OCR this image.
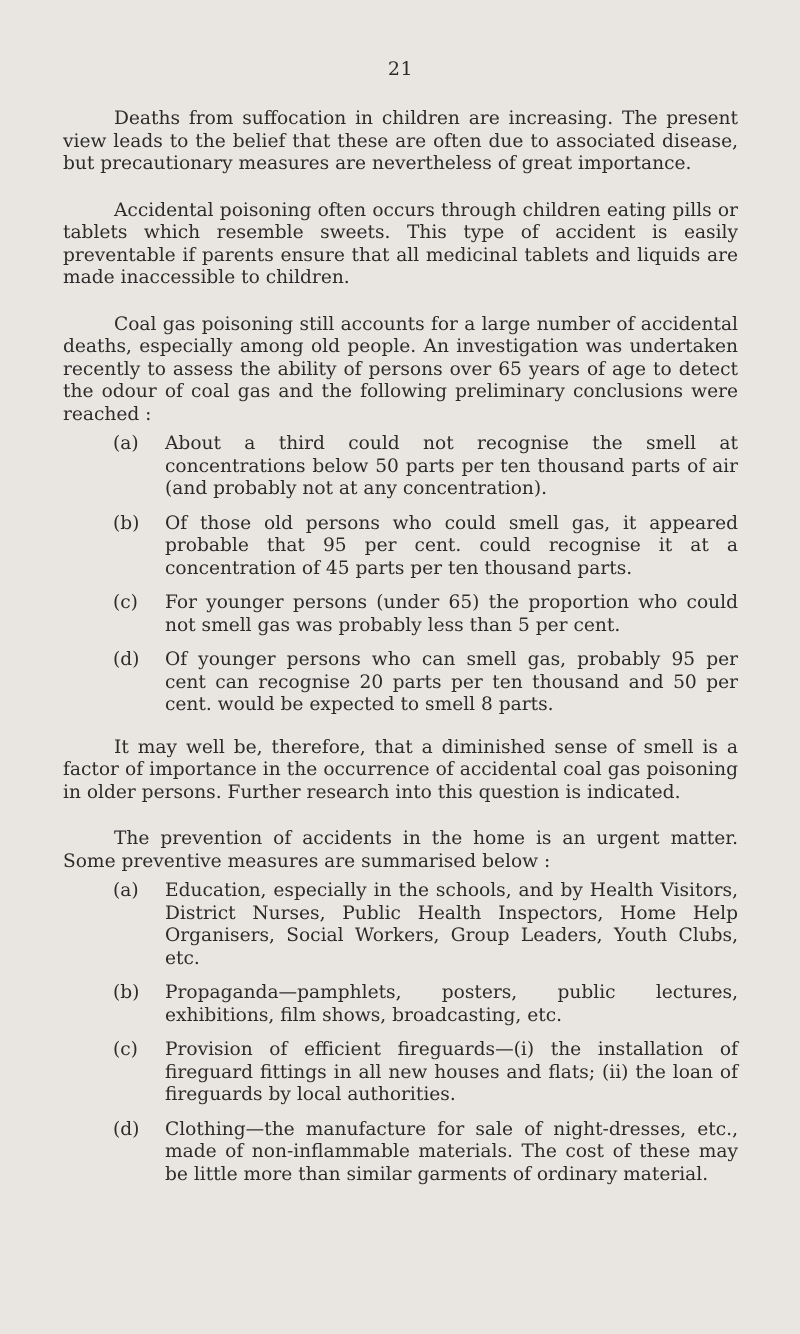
21

Deaths from suffocation in children are increasing. The present view leads to the belief that these are often due to associated disease, but precautionary measures are nevertheless of great importance.

Accidental poisoning often occurs through children eating pills or tablets which resemble sweets. This type of accident is easily preventable if parents ensure that all medicinal tablets and liquids are made inaccessible to children.

Coal gas poisoning still accounts for a large number of accidental deaths, especially among old people. An investigation was undertaken recently to assess the ability of persons over 65 years of age to detect the odour of coal gas and the following preliminary conclusions were reached :

(a)	About a third could not recognise the smell at concentrations below 50 parts per ten thousand parts of air (and probably not at any concentration).
(b)	Of those old persons who could smell gas, it appeared probable that 95 per cent. could recognise it at a concentration of 45 parts per ten thousand parts.
(c)	For younger persons (under 65) the proportion who could not smell gas was probably less than 5 per cent.
(d)	Of younger persons who can smell gas, probably 95 per cent can recognise 20 parts per ten thousand and 50 per cent. would be expected to smell 8 parts.

It may well be, therefore, that a diminished sense of smell is a factor of importance in the occurrence of accidental coal gas poisoning in older persons. Further research into this question is indicated.

The prevention of accidents in the home is an urgent matter. Some preventive measures are summarised below :

(a)	Education, especially in the schools, and by Health Visitors, District Nurses, Public Health Inspectors, Home Help Organisers, Social Workers, Group Leaders, Youth Clubs, etc.
(b)	Propaganda—pamphlets, posters, public lectures, exhibitions, film shows, broadcasting, etc.
(c)	Provision of efficient fireguards—(i) the installation of fireguard fittings in all new houses and flats; (ii) the loan of fireguards by local authorities.
(d)	Clothing—the manufacture for sale of night-dresses, etc., made of non-inflammable materials. The cost of these may be little more than similar garments of ordinary material.
